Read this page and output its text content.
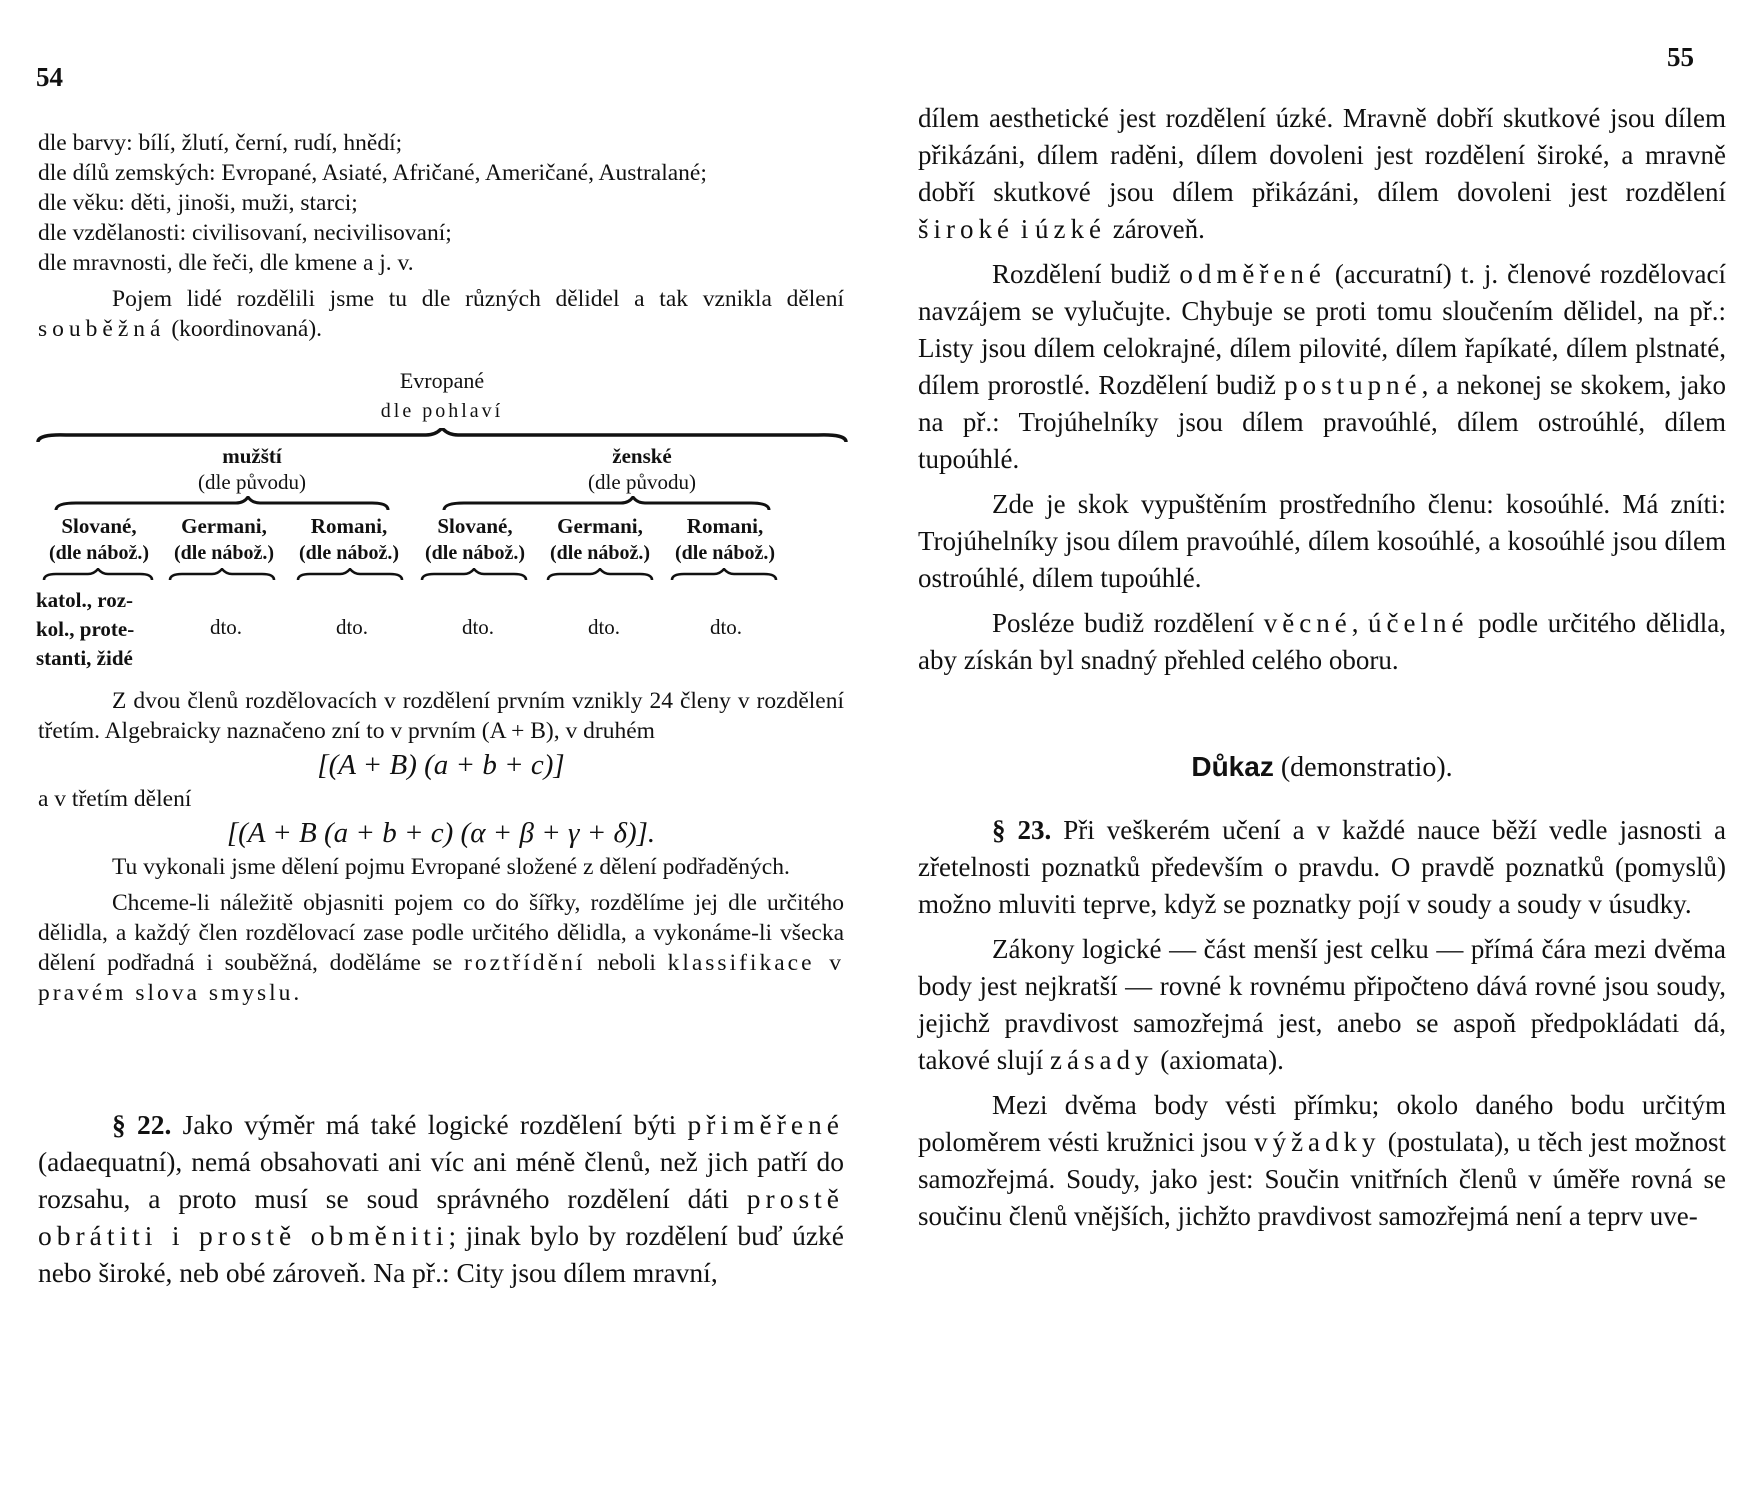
54

dle barvy: bílí, žlutí, černí, rudí, hnědí;

dle dílů zemských: Evropané, Asiaté, Afričané, Američané, Australané;

dle věku: děti, jinoši, muži, starci;

dle vzdělanosti: civilisovaní, necivilisovaní;

dle mravnosti, dle řeči, dle kmene a j. v.

Pojem lidé rozdělili jsme tu dle různých dělidel a tak vznikla dělení souběžná (koordinovaná).

Evropané
dle pohlaví
mužští
(dle původu)
ženské
(dle původu)
Slované,	Germani,	Romani,	Slované,	Germani,	Romani,
(dle nábož.)	(dle nábož.)	(dle nábož.)	(dle nábož.)	(dle nábož.)	(dle nábož.)
katol., roz-
kol., prote-
stanti, židé
dto.	dto.	dto.	dto.	dto.

Z dvou členů rozdělovacích v rozdělení prvním vznikly 24 členy v rozdělení třetím. Algebraicky naznačeno zní to v prvním (A + B), v druhém

[(A + B) (a + b + c)]

a v třetím dělení

[(A + B (a + b + c) (α + β + γ + δ)].

Tu vykonali jsme dělení pojmu Evropané složené z dělení podřaděných.

Chceme-li náležitě objasniti pojem co do šířky, rozdělíme jej dle určitého dělidla, a každý člen rozdělovací zase podle určitého dělidla, a vykonáme-li všecka dělení podřadná i souběžná, doděláme se roztřídění neboli klassifikace v pravém slova smyslu.

§ 22. Jako výměr má také logické rozdělení býti přiměřené (adaequatní), nemá obsahovati ani víc ani méně členů, než jich patří do rozsahu, a proto musí se soud správného rozdělení dáti prostě obrátiti i prostě obměniti; jinak bylo by rozdělení buď úzké nebo široké, neb obé zároveň. Na př.: City jsou dílem mravní,

55

dílem aesthetické jest rozdělení úzké. Mravně dobří skutkové jsou dílem přikázáni, dílem raděni, dílem dovoleni jest rozdělení široké, a mravně dobří skutkové jsou dílem přikázáni, dílem dovoleni jest rozdělení široké i úzké zároveň.

Rozdělení budiž odměřené (accuratní) t. j. členové rozdělovací navzájem se vylučujte. Chybuje se proti tomu sloučením dělidel, na př.: Listy jsou dílem celokrajné, dílem pilovité, dílem řapíkaté, dílem plstnaté, dílem prorostlé. Rozdělení budiž postupné, a nekonej se skokem, jako na př.: Trojúhelníky jsou dílem pravoúhlé, dílem ostroúhlé, dílem tupoúhlé.

Zde je skok vypuštěním prostředního členu: kosoúhlé. Má zníti: Trojúhelníky jsou dílem pravoúhlé, dílem kosoúhlé, a kosoúhlé jsou dílem ostroúhlé, dílem tupoúhlé.

Posléze budiž rozdělení věcné, účelné podle určitého dělidla, aby získán byl snadný přehled celého oboru.

Důkaz (demonstratio).

§ 23. Při veškerém učení a v každé nauce běží vedle jasnosti a zřetelnosti poznatků především o pravdu. O pravdě poznatků (pomyslů) možno mluviti teprve, když se poznatky pojí v soudy a soudy v úsudky.

Zákony logické — část menší jest celku — přímá čára mezi dvěma body jest nejkratší — rovné k rovnému připočteno dává rovné jsou soudy, jejichž pravdivost samozřejmá jest, anebo se aspoň předpokládati dá, takové slují zásady (axiomata).

Mezi dvěma body vésti přímku; okolo daného bodu určitým poloměrem vésti kružnici jsou výžadky (postulata), u těch jest možnost samozřejmá. Soudy, jako jest: Součin vnitřních členů v úměře rovná se součinu členů vnějších, jichžto pravdivost samozřejmá není a teprv uve-
